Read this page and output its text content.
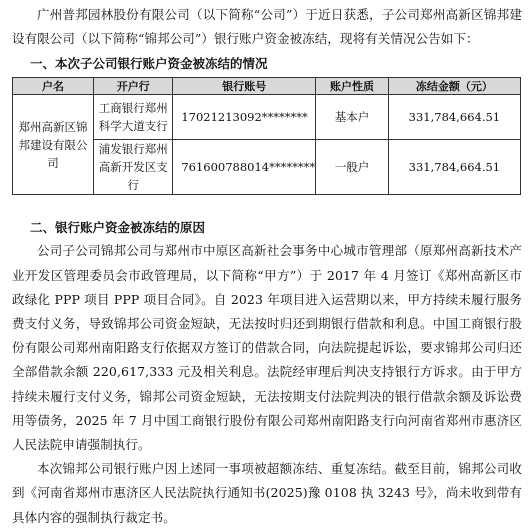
广州普邦园林股份有限公司（以下简称“公司”）于近日获悉，子公司郑州高新区锦邦建设有限公司（以下简称“锦邦公司”）银行账户资金被冻结，现将有关情况公告如下：

一、本次子公司银行账户资金被冻结的情况
户名	开户行	银行账号	账户性质	冻结金额（元）
郑州高新区锦邦建设有限公司	工商银行郑州科学大道支行	17021213092********	基本户	331,784,664.51
	浦发银行郑州高新开发区支行	761600788014********	一般户	331,784,664.51
二、银行账户资金被冻结的原因

公司子公司锦邦公司与郑州市中原区高新社会事务中心城市管理部（原郑州高新技术产业开发区管理委员会市政管理局，以下简称“甲方”）于 2017 年 4 月签订《郑州高新区市政绿化 PPP 项目 PPP 项目合同》。自 2023 年项目进入运营期以来，甲方持续未履行服务费支付义务，导致锦邦公司资金短缺，无法按时归还到期银行借款和利息。中国工商银行股份有限公司郑州南阳路支行依据双方签订的借款合同，向法院提起诉讼，要求锦邦公司归还全部借款余额 220,617,333 元及相关利息。法院经审理后判决支持银行方诉求。由于甲方持续未履行支付义务，锦邦公司资金短缺，无法按期支付法院判决的银行借款余额及诉讼费用等债务，2025 年 7 月中国工商银行股份有限公司郑州南阳路支行向河南省郑州市惠济区人民法院申请强制执行。

本次锦邦公司银行账户因上述同一事项被超额冻结、重复冻结。截至目前，锦邦公司收到《河南省郑州市惠济区人民法院执行通知书(2025)豫 0108 执 3243 号》，尚未收到带有具体内容的强制执行裁定书。
